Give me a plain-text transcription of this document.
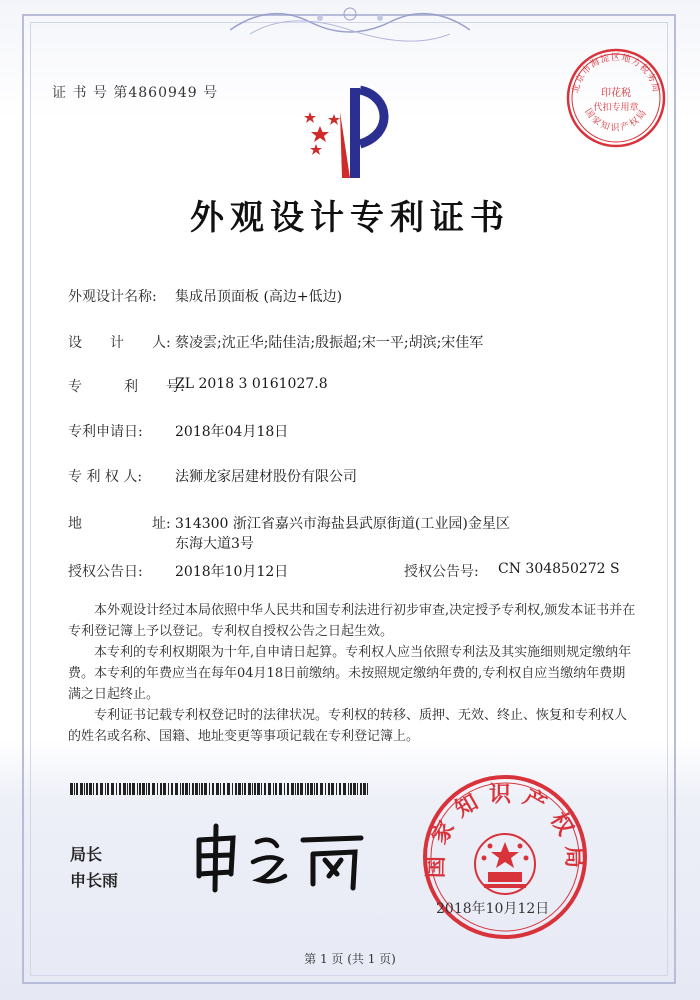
证 书 号 第4860949 号
外观设计专利证书
外观设计名称: 集成吊顶面板 (高边+低边)
设　　计　　人: 蔡凌雲;沈正华;陆佳洁;殷振超;宋一平;胡滨;宋佳军
专　　　利　　号:
ZL 2018 3 0161027.8
专利申请日: 2018年04月18日
专 利 权 人: 法狮龙家居建材股份有限公司
地　　　　　址: 314300 浙江省嘉兴市海盐县武原街道(工业园)金星区
东海大道3号
授权公告日: 2018年10月12日	授权公告号: CN 304850272 S
本外观设计经过本局依照中华人民共和国专利法进行初步审查,决定授予专利权,颁发本证书并在专利登记簿上予以登记。专利权自授权公告之日起生效。
本专利的专利权期限为十年,自申请日起算。专利权人应当依照专利法及其实施细则规定缴纳年费。本专利的年费应当在每年04月18日前缴纳。未按照规定缴纳年费的,专利权自应当缴纳年费期满之日起终止。
专利证书记载专利权登记时的法律状况。专利权的转移、质押、无效、终止、恢复和专利权人的姓名或名称、国籍、地址变更等事项记载在专利登记簿上。
局长
申长雨
北京市海淀区地方税务局
印花税
代扣专用章
国家知识产权局
国家知识产权局
2018年10月12日
第 1 页 (共 1 页)
